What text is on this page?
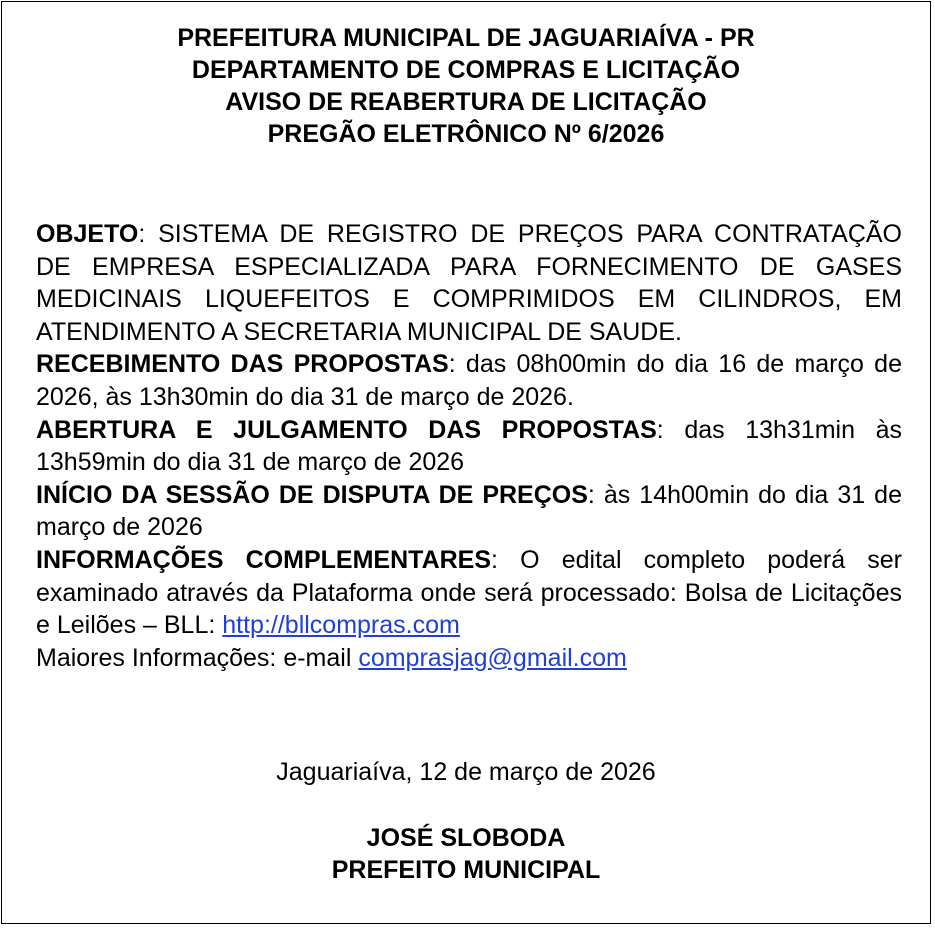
PREFEITURA MUNICIPAL DE JAGUARIAÍVA - PR
DEPARTAMENTO DE COMPRAS E LICITAÇÃO
AVISO DE REABERTURA DE LICITAÇÃO
PREGÃO ELETRÔNICO Nº 6/2026
OBJETO: SISTEMA DE REGISTRO DE PREÇOS PARA CONTRATAÇÃO DE EMPRESA ESPECIALIZADA PARA FORNECIMENTO DE GASES MEDICINAIS LIQUEFEITOS E COMPRIMIDOS EM CILINDROS, EM ATENDIMENTO A SECRETARIA MUNICIPAL DE SAUDE.
RECEBIMENTO DAS PROPOSTAS: das 08h00min do dia 16 de março de 2026, às 13h30min do dia 31 de março de 2026.
ABERTURA E JULGAMENTO DAS PROPOSTAS: das 13h31min às 13h59min do dia 31 de março de 2026
INÍCIO DA SESSÃO DE DISPUTA DE PREÇOS: às 14h00min do dia 31 de março de 2026
INFORMAÇÕES COMPLEMENTARES: O edital completo poderá ser examinado através da Plataforma onde será processado: Bolsa de Licitações e Leilões – BLL: http://bllcompras.com
Maiores Informações: e-mail comprasjag@gmail.com
Jaguariaíva, 12 de março de 2026
JOSÉ SLOBODA
PREFEITO MUNICIPAL
